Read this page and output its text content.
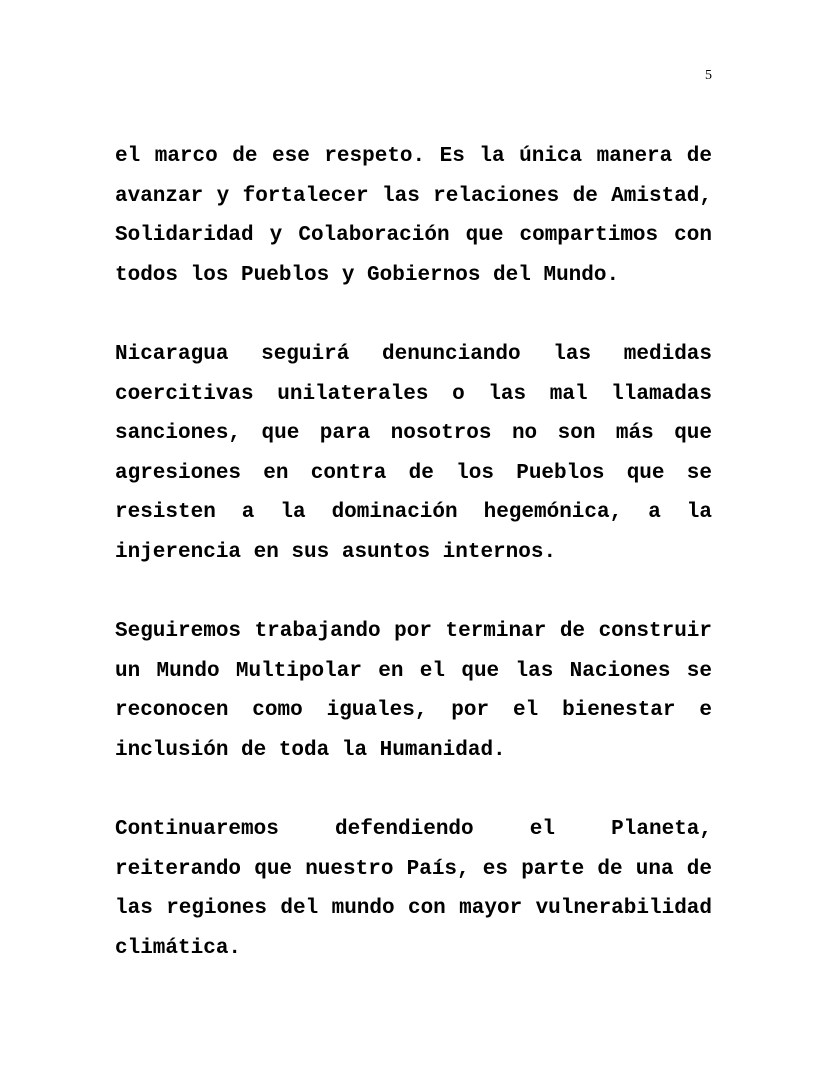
5

el marco de ese respeto. Es la única manera de avanzar y fortalecer las relaciones de Amistad, Solidaridad y Colaboración que compartimos con todos los Pueblos y Gobiernos del Mundo.

Nicaragua seguirá denunciando las medidas coercitivas unilaterales o las mal llamadas sanciones, que para nosotros no son más que agresiones en contra de los Pueblos que se resisten a la dominación hegemónica, a la injerencia en sus asuntos internos.

Seguiremos trabajando por terminar de construir un Mundo Multipolar en el que las Naciones se reconocen como iguales, por el bienestar e inclusión de toda la Humanidad.

Continuaremos defendiendo el Planeta, reiterando que nuestro País, es parte de una de las regiones del mundo con mayor vulnerabilidad climática.
